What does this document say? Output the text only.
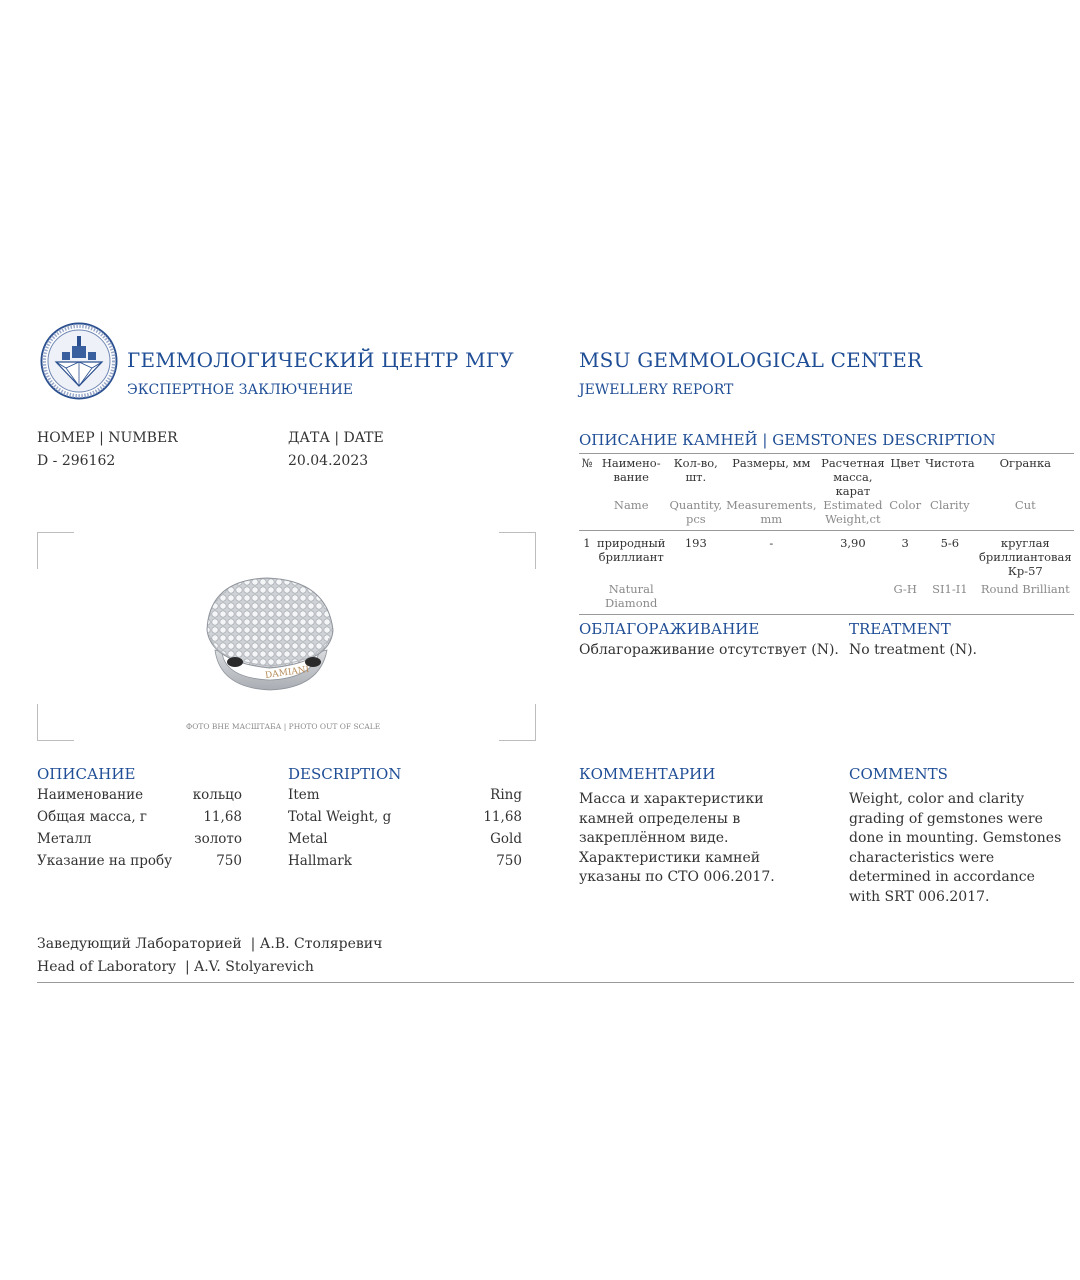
ГЕММОЛОГИЧЕСКИЙ ЦЕНТР МГУ
ЭКСПЕРТНОЕ ЗАКЛЮЧЕНИЕ
MSU GEMMOLOGICAL CENTER
JEWELLERY REPORT
НОМЕР | NUMBER
D - 296162
ДАТА | DATE
20.04.2023
DAMIANI
ФОТО ВНЕ МАСШТАБА | PHOTO OUT OF SCALE
ОПИСАНИЕ	DESCRIPTION
Наименование	кольцо
Общая масса, г	11,68
Металл	золото
Указание на пробу	750
Item	Ring
Total Weight, g	11,68
Metal	Gold
Hallmark	750
ОПИСАНИЕ КАМНЕЙ | GEMSTONES DESCRIPTION
№	Наимено-вание	Кол-во, шт.	Размеры, мм	Расчетная масса, карат	Цвет	Чистота	Огранка
	Name	Quantity, pcs	Measurements, mm	Estimated Weight,ct	Color	Clarity	Cut

1	природный бриллиант	193	-	3,90	3	5-6	круглая бриллиантовая Кр-57
	Natural Diamond				G-H	SI1-I1	Round Brilliant

ОБЛАГОРАЖИВАНИЕ
Облагораживание отсутствует (N).
TREATMENT
No treatment (N).
КОММЕНТАРИИ
Масса и характеристики камней определены в закреплённом виде. Характеристики камней указаны по СТО 006.2017.
COMMENTS
Weight, color and clarity grading of gemstones were done in mounting. Gemstones characteristics were determined in accordance with SRT 006.2017.
Заведующий Лабораторией  | А.В. Столяревич
Head of Laboratory  | A.V. Stolyarevich
